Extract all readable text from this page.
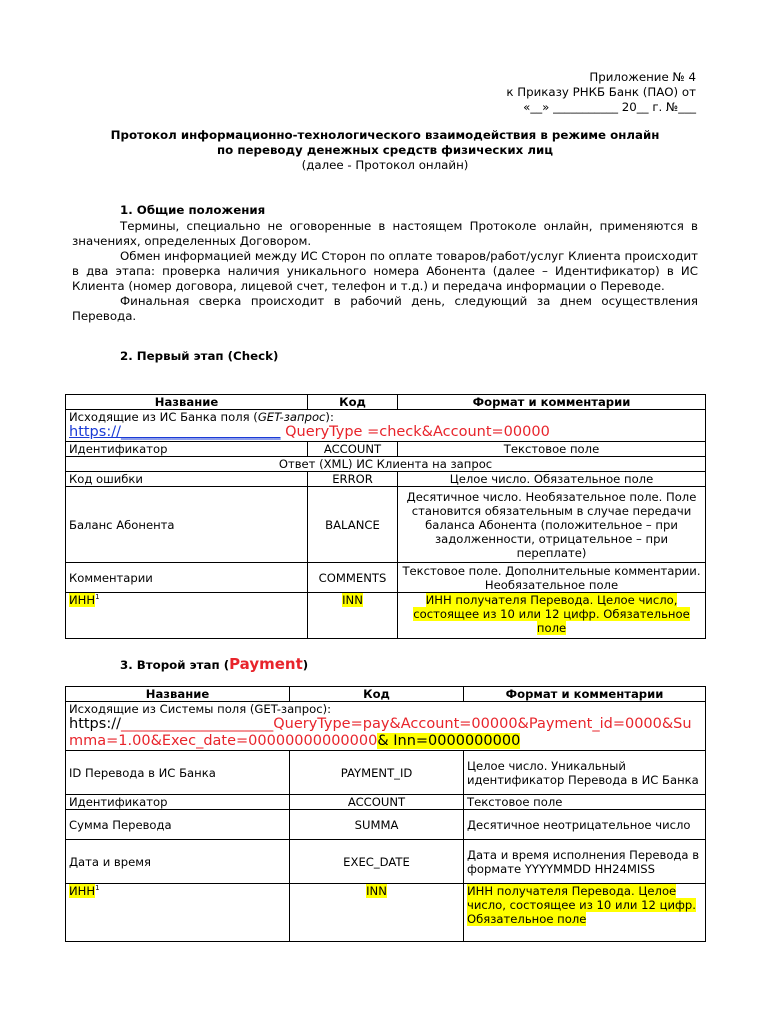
Приложение № 4
к Приказу РНКБ Банк (ПАО) от
«__» ___________ 20__ г. №___
Протокол информационно-технологического взаимодействия в режиме онлайн
по переводу денежных средств физических лиц
(далее - Протокол онлайн)
1. Общие положения

Термины, специально не оговоренные в настоящем Протоколе онлайн, применяются в значениях, определенных Договором.

Обмен информацией между ИС Сторон по оплате товаров/работ/услуг Клиента происходит в два этапа: проверка наличия уникального номера Абонента (далее – Идентификатор) в ИС Клиента (номер договора, лицевой счет, телефон и т.д.) и передача информации о Переводе.

Финальная сверка происходит в рабочий день, следующий за днем осуществления Перевода.

2. Первый этап (Check)
Название	Код	Формат и комментарии

Исходящие из ИС Банка поля (GET-запрос):
https://______________________ QueryType =check&Account=00000		

Идентификатор	ACCOUNT	Текстовое поле
Ответ (XML) ИС Клиента на запрос		
Код ошибки	ERROR	Целое число. Обязательное поле
Баланс Абонента	BALANCE	Десятичное число. Необязательное поле. Поле становится обязательным в случае передачи баланса Абонента (положительное – при задолженности, отрицательное – при переплате)
Комментарии	COMMENTS	Текстовое поле. Дополнительные комментарии. Необязательное поле
ИНН$^1$	INN	ИНН получателя Перевода. Целое число, состоящее из 10 или 12 цифр. Обязательное поле
3. Второй этап (Payment)
Название	Код	Формат и комментарии

Исходящие из Системы поля (GET-запрос):
https://_____________________QueryType=pay&Account=00000&Payment_id=0000&Summa=1.00&Exec_date=00000000000000& Inn=0000000000		

ID Перевода в ИС Банка	PAYMENT_ID	Целое число. Уникальный идентификатор Перевода в ИС Банка
Идентификатор	ACCOUNT	Текстовое поле
Сумма Перевода	SUMMA	Десятичное неотрицательное число
Дата и время	EXEC_DATE	Дата и время исполнения Перевода в формате YYYYMMDD HH24MISS
ИНН$^1$	INN	ИНН получателя Перевода. Целое число, состоящее из 10 или 12 цифр. Обязательное поле
